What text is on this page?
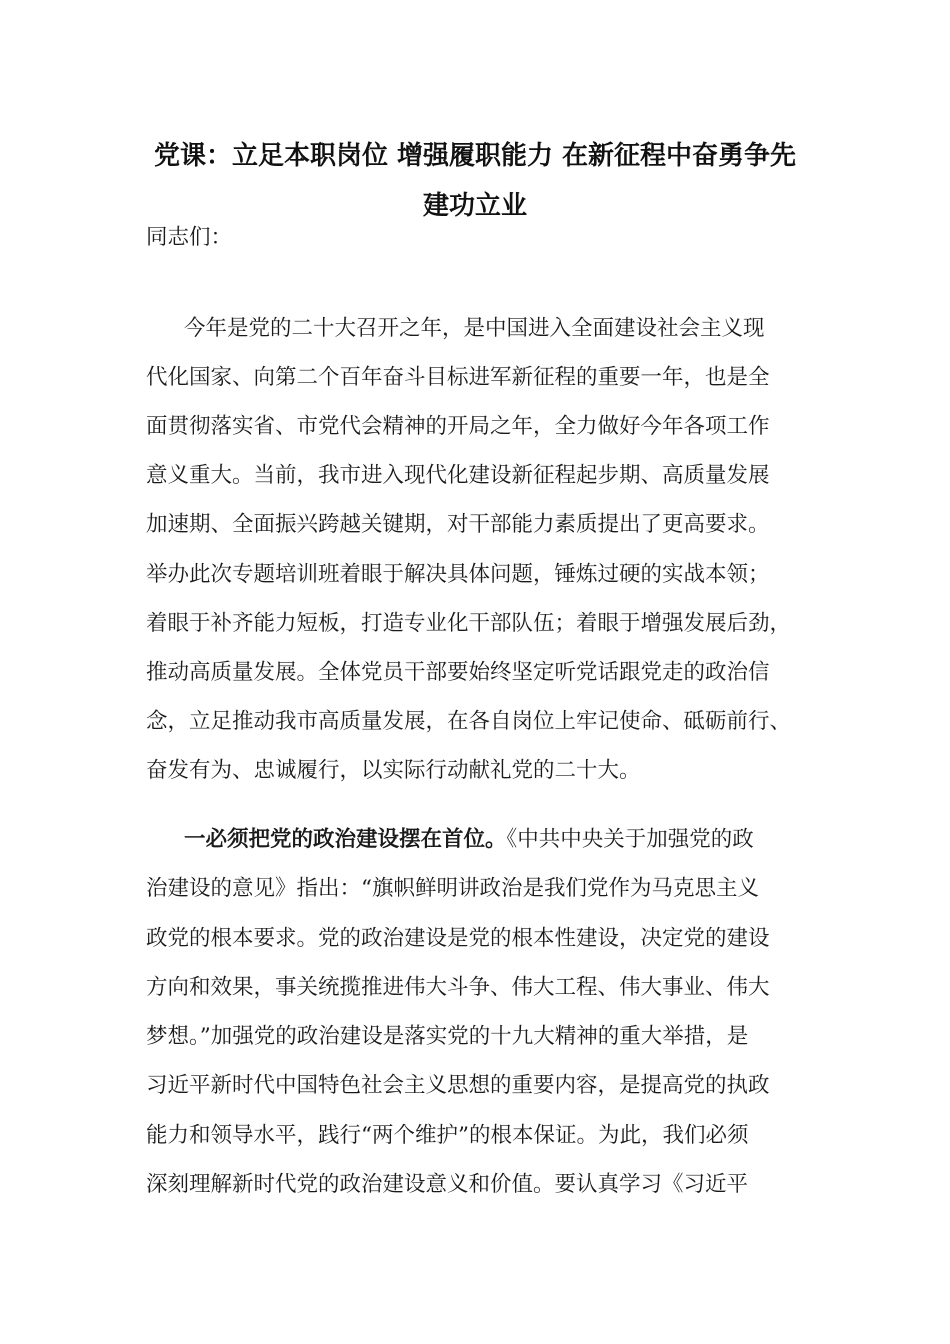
党课：立足本职岗位 增强履职能力 在新征程中奋勇争先
建功立业
同志们：
今年是党的二十大召开之年，是中国进入全面建设社会主义现
代化国家、向第二个百年奋斗目标进军新征程的重要一年，也是全
面贯彻落实省、市党代会精神的开局之年，全力做好今年各项工作
意义重大。当前，我市进入现代化建设新征程起步期、高质量发展
加速期、全面振兴跨越关键期，对干部能力素质提出了更高要求。
举办此次专题培训班着眼于解决具体问题，锤炼过硬的实战本领；
着眼于补齐能力短板，打造专业化干部队伍；着眼于增强发展后劲，
推动高质量发展。全体党员干部要始终坚定听党话跟党走的政治信
念，立足推动我市高质量发展，在各自岗位上牢记使命、砥砺前行、
奋发有为、忠诚履行，以实际行动献礼党的二十大。
一必须把党的政治建设摆在首位。《中共中央关于加强党的政
治建设的意见》指出：“旗帜鲜明讲政治是我们党作为马克思主义
政党的根本要求。党的政治建设是党的根本性建设，决定党的建设
方向和效果，事关统揽推进伟大斗争、伟大工程、伟大事业、伟大
梦想。”加强党的政治建设是落实党的十九大精神的重大举措，是
习近平新时代中国特色社会主义思想的重要内容，是提高党的执政
能力和领导水平，践行“两个维护”的根本保证。为此，我们必须
深刻理解新时代党的政治建设意义和价值。要认真学习《习近平
